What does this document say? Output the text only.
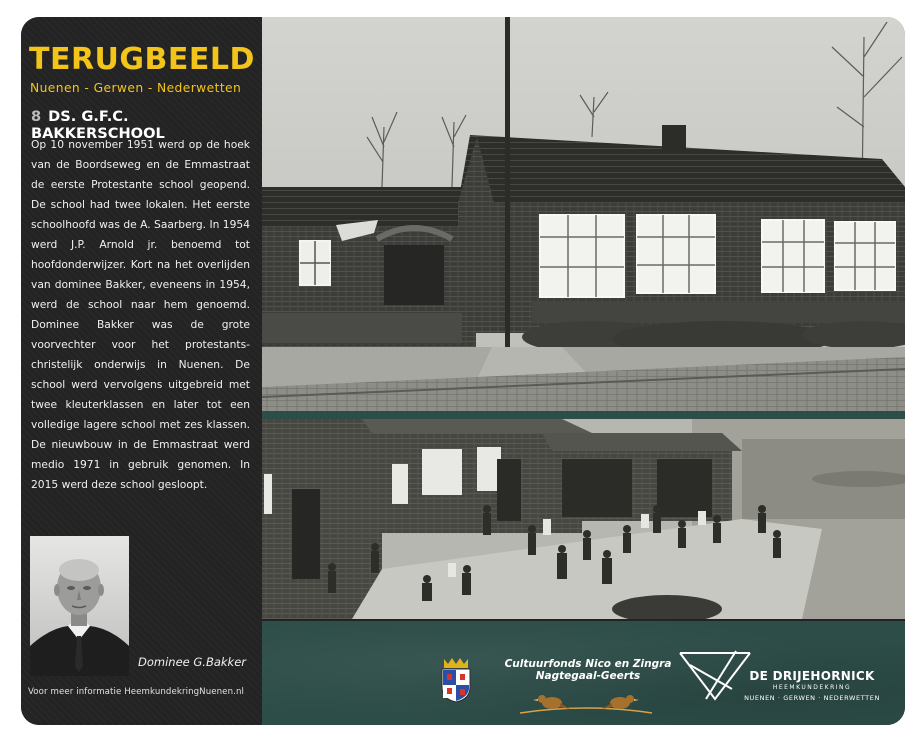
TERUGBEELD
Nuenen - Gerwen - Nederwetten
8 DS. G.F.C. BAKKERSCHOOL
Op 10 november 1951 werd op de hoek van de Boordseweg en de Emmastraat de eerste Protestante school geopend. De school had twee lokalen. Het eerste schoolhoofd was de A. Saarberg. In 1954 werd J.P. Arnold jr. benoemd tot hoofdonderwijzer. Kort na het overlijden van dominee Bakker, eveneens in 1954, werd de school naar hem genoemd. Dominee Bakker was de grote voorvechter voor het protestants-christelijk onderwijs in Nuenen. De school werd vervolgens uitgebreid met twee kleuterklassen en later tot een volledige lagere school met zes klassen. De nieuwbouw in de Emmastraat werd medio 1971 in gebruik genomen. In 2015 werd deze school gesloopt.
Dominee G.Bakker
Voor meer informatie HeemkundekringNuenen.nl
Cultuurfonds Nico en Zingra Nagtegaal-Geerts	DE DRIJEHORNICK
HEEMKUNDEKRING
NUENEN · GERWEN · NEDERWETTEN
